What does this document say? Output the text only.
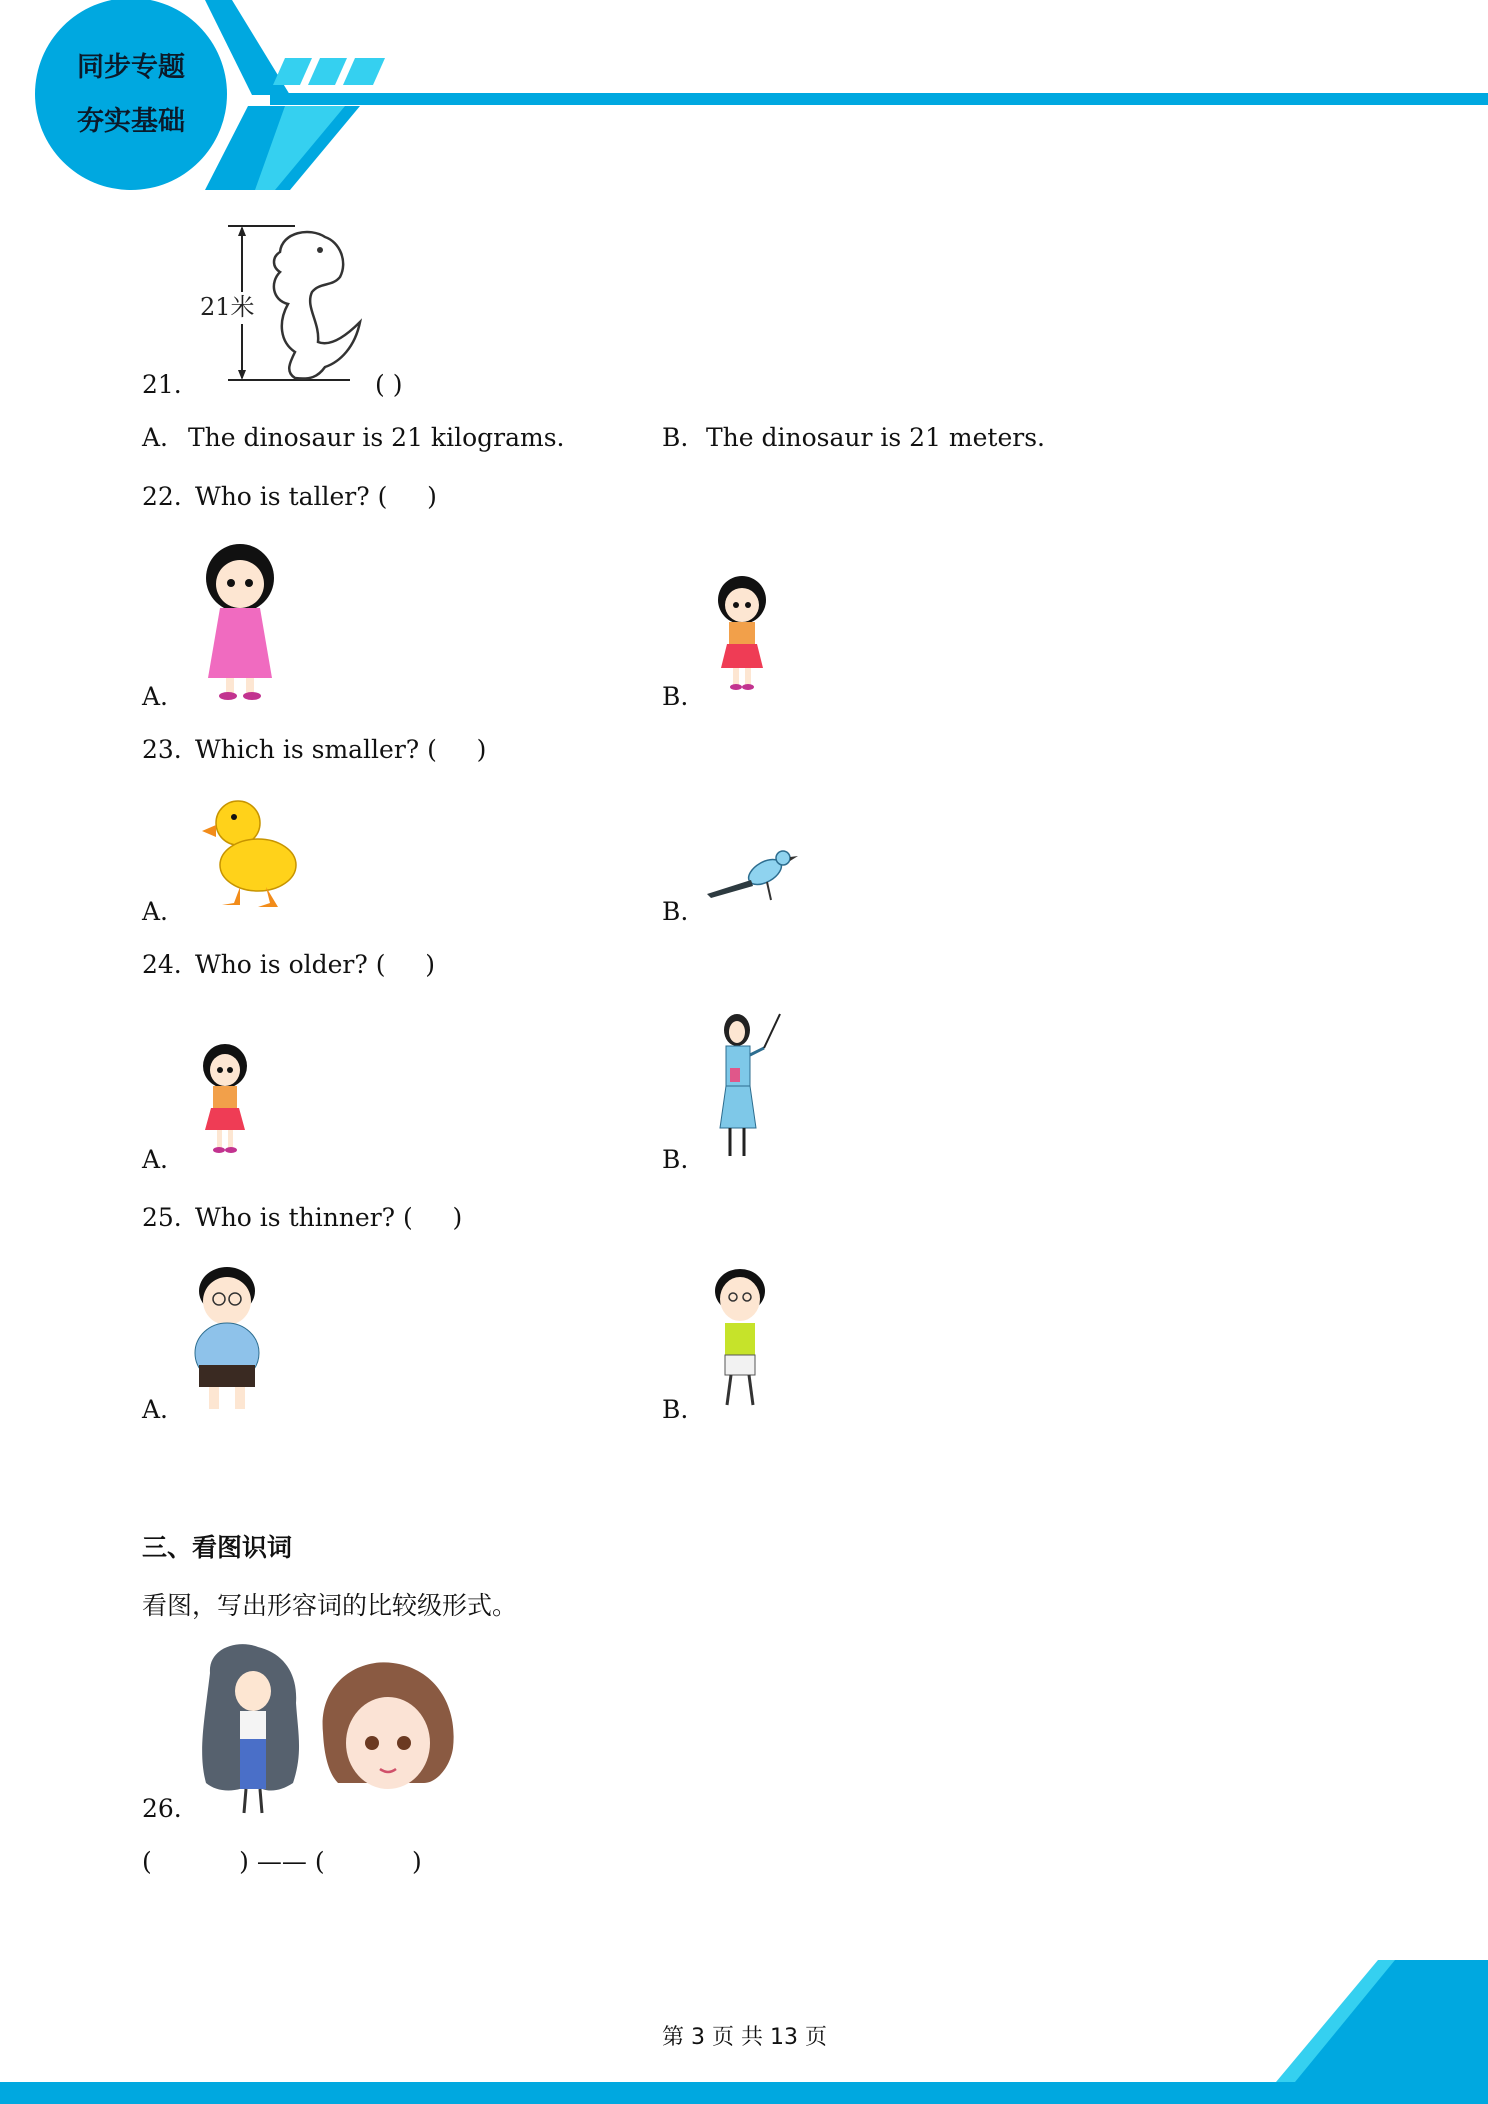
同步专题
夯实基础
21米
21.	( )
A. The dinosaur is 21 kilograms.	B. The dinosaur is 21 meters.
22. Who is taller? (     )
A.	B.
23. Which is smaller? (     )
A.	B.
24. Who is older? (     )
A.	B.
25. Who is thinner? (     )
A.	B.
三、看图识词
看图，写出形容词的比较级形式。
26.
(           ) —— (           )
第 3 页 共 13 页
